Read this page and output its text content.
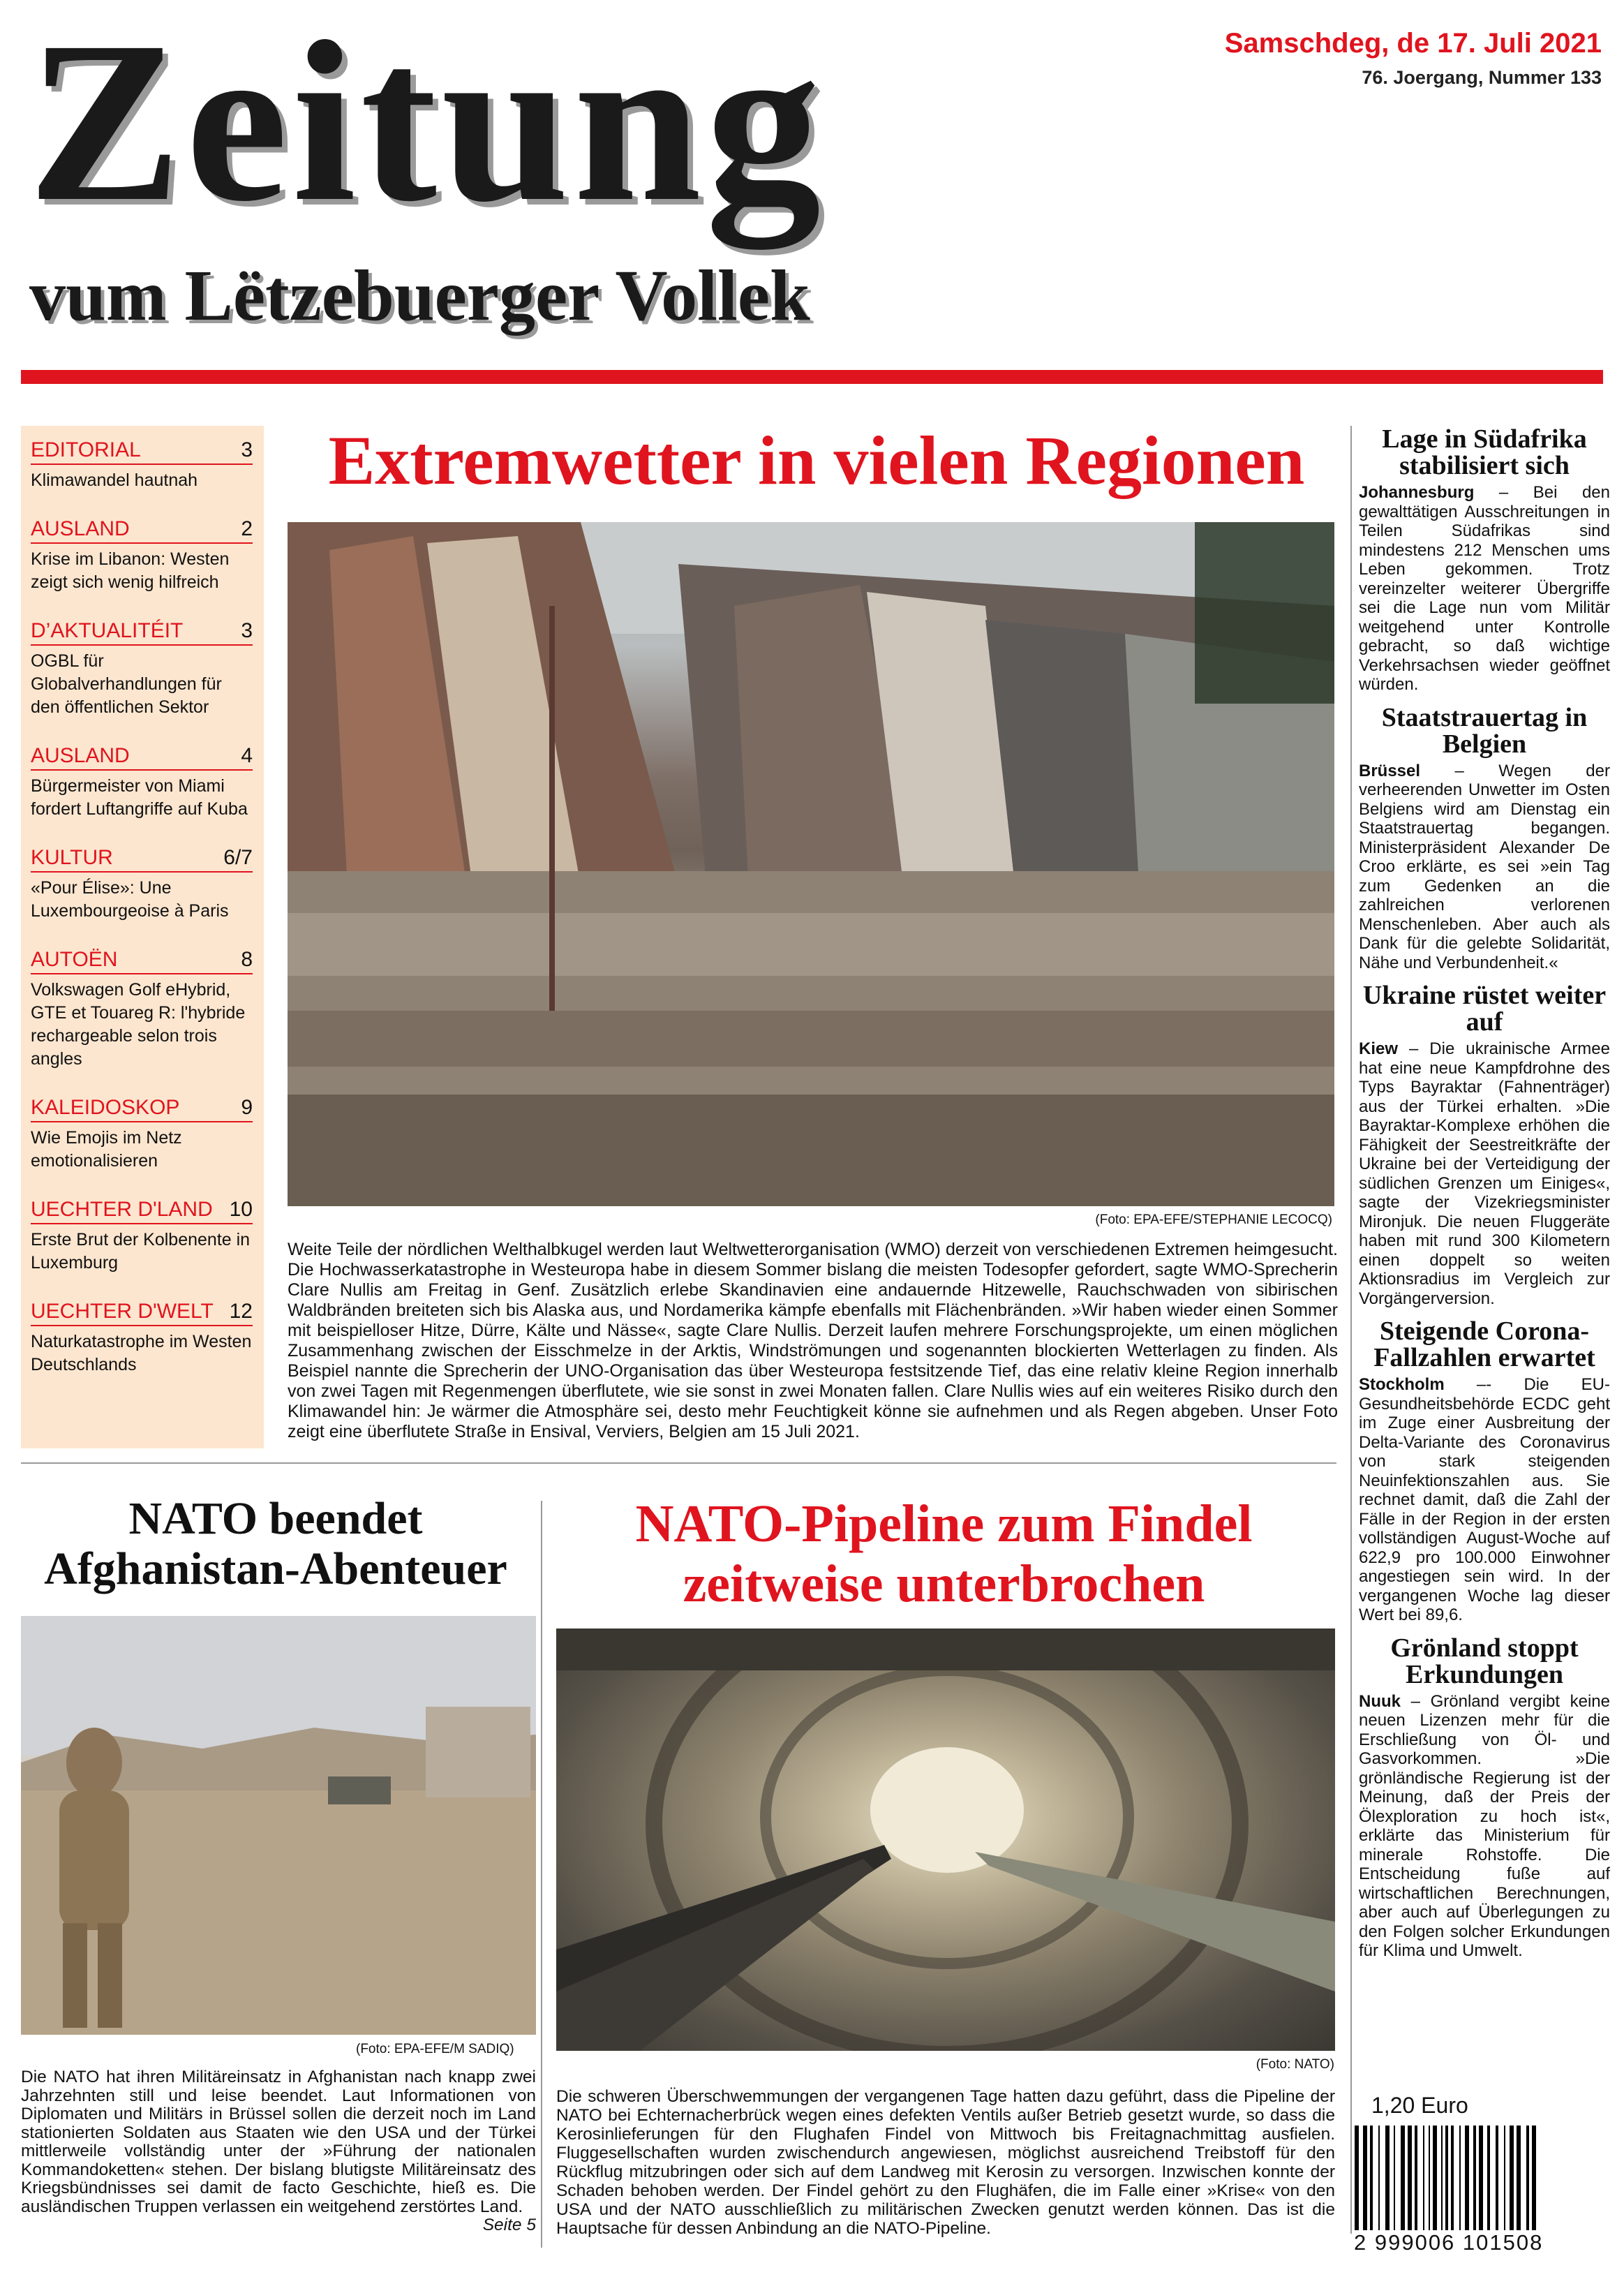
Zeitung
vum Lëtzebuerger Vollek
Samschdeg, de 17. Juli 2021
76. Joergang, Nummer 133
EDITORIAL	3
Klimawandel hautnah
AUSLAND	2
Krise im Libanon: Westen zeigt sich wenig hilfreich
D’AKTUALITÉIT	3
OGBL für Globalverhandlungen für den öffentlichen Sektor
AUSLAND	4
Bürgermeister von Miami fordert Luftangriffe auf Kuba
KULTUR	6/7
«Pour Élise»: Une Luxembourgeoise à Paris
AUTOËN	8
Volkswagen Golf eHybrid, GTE et Touareg R: l'hybride rechargeable selon trois angles
KALEIDOSKOP	9
Wie Emojis im Netz emotionalisieren
UECHTER D'LAND 10
Erste Brut der Kolbenente in Luxemburg
UECHTER D'WELT 12
Naturkatastrophe im Westen Deutschlands
Extremwetter in vielen Regionen
(Foto: EPA-EFE/STEPHANIE LECOCQ)
Weite Teile der nördlichen Welthalbkugel werden laut Weltwetterorganisation (WMO) derzeit von verschiedenen Extremen heimgesucht. Die Hochwasserkatastrophe in Westeuropa habe in diesem Sommer bislang die meisten Todesopfer gefordert, sagte WMO-Sprecherin Clare Nullis am Freitag in Genf. Zusätzlich erlebe Skandinavien eine andauernde Hitzewelle, Rauchschwaden von sibirischen Waldbränden breiteten sich bis Alaska aus, und Nordamerika kämpfe ebenfalls mit Flächenbränden. »Wir haben wieder einen Sommer mit beispielloser Hitze, Dürre, Kälte und Nässe«, sagte Clare Nullis. Derzeit laufen mehrere Forschungsprojekte, um einen möglichen Zusammenhang zwischen der Eisschmelze in der Arktis, Windströmungen und sogenannten blockierten Wetterlagen zu finden. Als Beispiel nannte die Sprecherin der UNO-Organisation das über Westeuropa festsitzende Tief, das eine relativ kleine Region innerhalb von zwei Tagen mit Regenmengen überflutete, wie sie sonst in zwei Monaten fallen. Clare Nullis wies auf ein weiteres Risiko durch den Klimawandel hin: Je wärmer die Atmosphäre sei, desto mehr Feuchtigkeit könne sie aufnehmen und als Regen abgeben. Unser Foto zeigt eine überflutete Straße in Ensival, Verviers, Belgien am 15 Juli 2021.
Lage in Südafrika stabilisiert sich
Johannesburg – Bei den gewalttätigen Ausschreitungen in Teilen Südafrikas sind mindestens 212 Menschen ums Leben gekommen. Trotz vereinzelter weiterer Übergriffe sei die Lage nun vom Militär weitgehend unter Kontrolle gebracht, so daß wichtige Verkehrsachsen wieder geöffnet würden.
Staatstrauertag in Belgien
Brüssel – Wegen der verheerenden Unwetter im Osten Belgiens wird am Dienstag ein Staatstrauertag begangen. Ministerpräsident Alexander De Croo erklärte, es sei »ein Tag zum Gedenken an die zahlreichen verlorenen Menschenleben. Aber auch als Dank für die gelebte Solidarität, Nähe und Verbundenheit.«
Ukraine rüstet weiter auf
Kiew – Die ukrainische Armee hat eine neue Kampfdrohne des Typs Bayraktar (Fahnenträger) aus der Türkei erhalten. »Die Bayraktar-Komplexe erhöhen die Fähigkeit der Seestreitkräfte der Ukraine bei der Verteidigung der südlichen Grenzen um Einiges«, sagte der Vizekriegsminister Mironjuk. Die neuen Fluggeräte haben mit rund 300 Kilometern einen doppelt so weiten Aktionsradius im Vergleich zur Vorgängerversion.
Steigende Corona-Fallzahlen erwartet
Stockholm –- Die EU-Gesundheitsbehörde ECDC geht im Zuge einer Ausbreitung der Delta-Variante des Coronavirus von stark steigenden Neuinfektionszahlen aus. Sie rechnet damit, daß die Zahl der Fälle in der Region in der ersten vollständigen August-Woche auf 622,9 pro 100.000 Einwohner angestiegen sein wird. In der vergangenen Woche lag dieser Wert bei 89,6.
Grönland stoppt Erkundungen
Nuuk – Grönland vergibt keine neuen Lizenzen mehr für die Erschließung von Öl- und Gasvorkommen. »Die grönländische Regierung ist der Meinung, daß der Preis der Ölexploration zu hoch ist«, erklärte das Ministerium für minerale Rohstoffe. Die Entscheidung fuße auf wirtschaftlichen Berechnungen, aber auch auf Überlegungen zu den Folgen solcher Erkundungen für Klima und Umwelt.
1,20 Euro
2 999006 101508
NATO beendet Afghanistan-Abenteuer
(Foto: EPA-EFE/M SADIQ)
Die NATO hat ihren Militäreinsatz in Afghanistan nach knapp zwei Jahrzehnten still und leise beendet. Laut Informationen von Diplomaten und Militärs in Brüssel sollen die derzeit noch im Land stationierten Soldaten aus Staaten wie den USA und der Türkei mittlerweile vollständig unter der »Führung der nationalen Kommandoketten« stehen. Der bislang blutigste Militäreinsatz des Kriegsbündnisses sei damit de facto Geschichte, hieß es. Die ausländischen Truppen verlassen ein weitgehend zerstörtes Land.
Seite 5
NATO-Pipeline zum Findel zeitweise unterbrochen
(Foto: NATO)
Die schweren Überschwemmungen der vergangenen Tage hatten dazu geführt, dass die Pipeline der NATO bei Echternacherbrück wegen eines defekten Ventils außer Betrieb gesetzt wurde, so dass die Kerosinlieferungen für den Flughafen Findel von Mittwoch bis Freitagnachmittag ausfielen. Fluggesellschaften wurden zwischendurch angewiesen, möglichst ausreichend Treibstoff für den Rückflug mitzubringen oder sich auf dem Landweg mit Kerosin zu versorgen. Inzwischen konnte der Schaden behoben werden. Der Findel gehört zu den Flughäfen, die im Falle einer »Krise« von den USA und der NATO ausschließlich zu militärischen Zwecken genutzt werden können. Das ist die Hauptsache für dessen Anbindung an die NATO-Pipeline.
